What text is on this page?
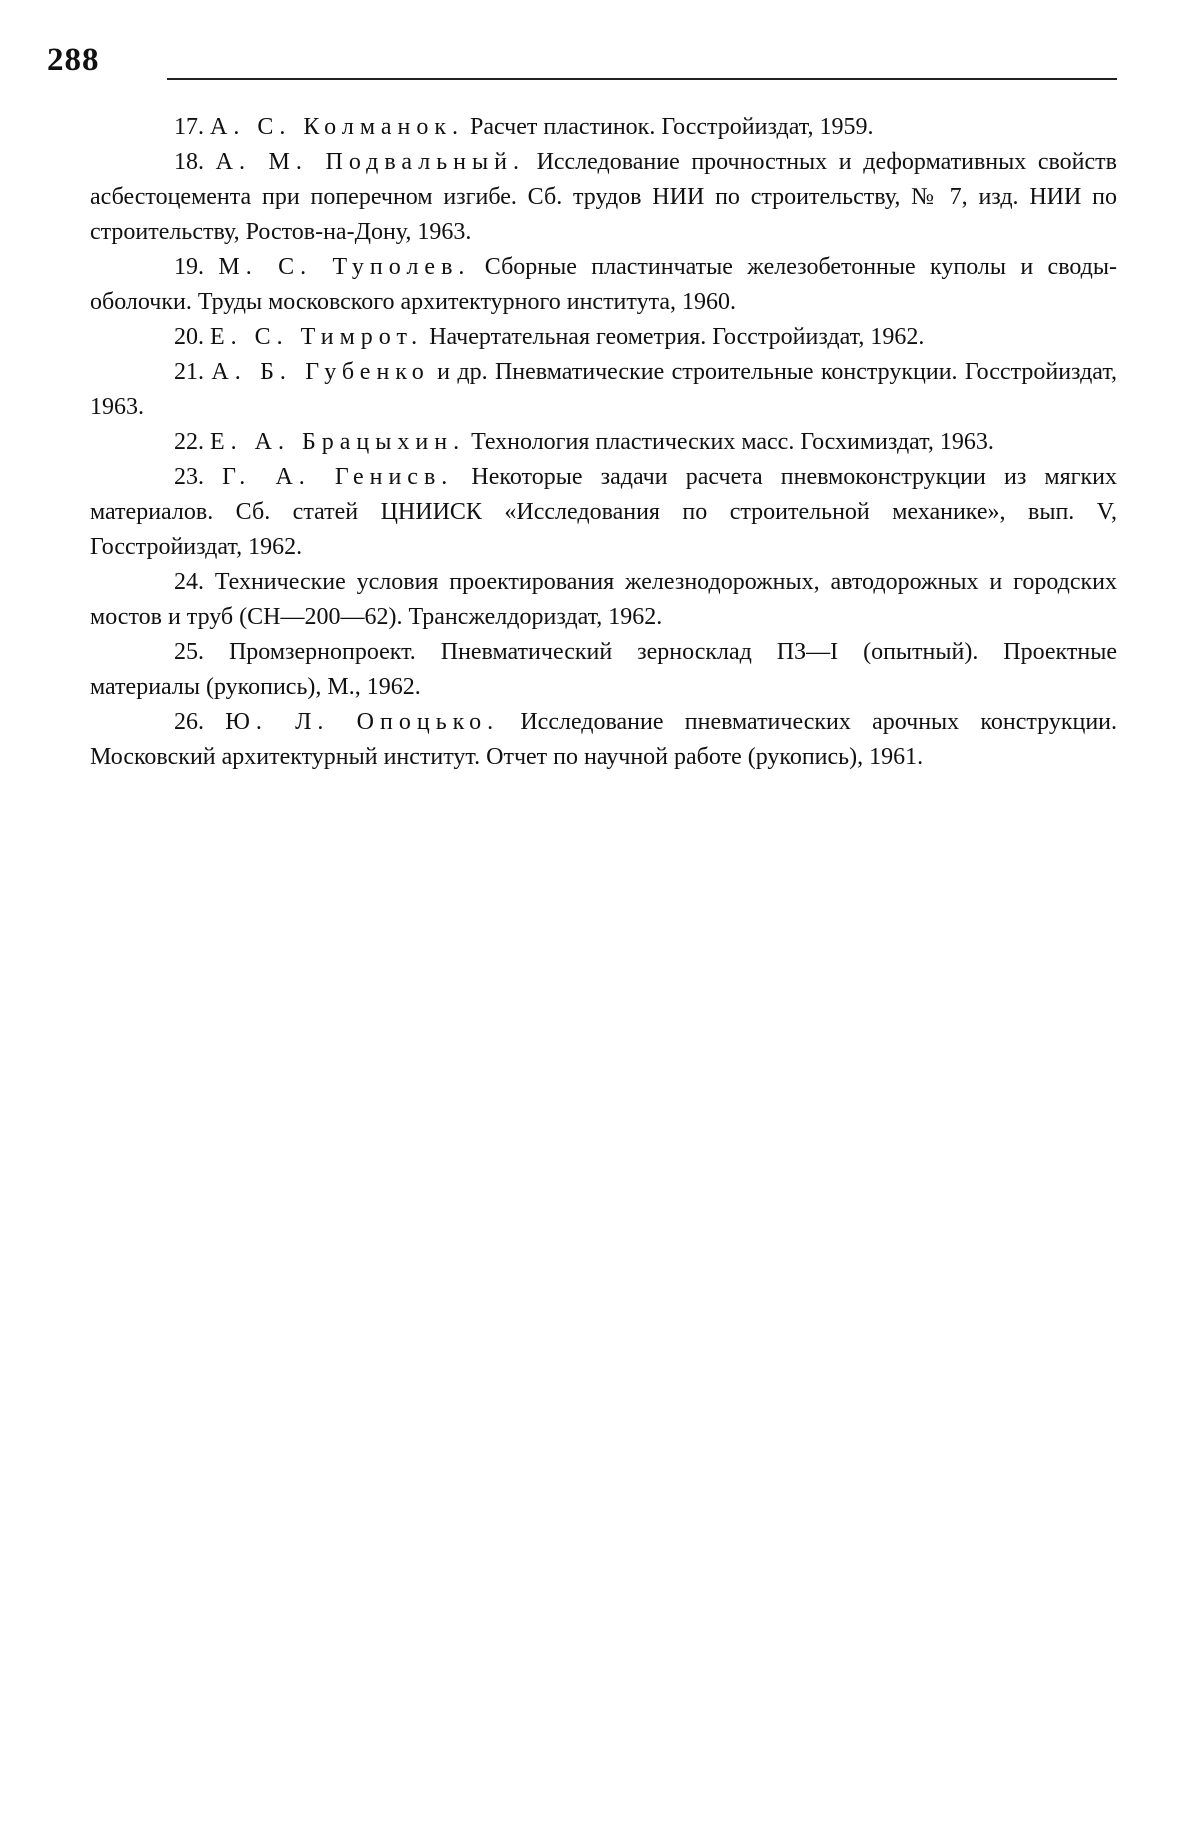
288
17. А. С. Колманок. Расчет пластинок. Госстройиздат, 1959.
18. А. М. Подвальный. Исследование прочностных и деформативных свойств асбестоцемента при поперечном изгибе. Сб. трудов НИИ по строительству, № 7, изд. НИИ по строительству, Ростов-на-Дону, 1963.
19. М. С. Туполев. Сборные пластинчатые железобетонные куполы и своды-оболочки. Труды московского архитектурного института, 1960.
20. Е. С. Тимрот. Начертательная геометрия. Госстройиздат, 1962.
21. А. Б. Губенко и др. Пневматические строительные конструкции. Госстройиздат, 1963.
22. Е. А. Брацыхин. Технология пластических масс. Госхимиздат, 1963.
23. Г. А. Генисв. Некоторые задачи расчета пневмоконструкции из мягких материалов. Сб. статей ЦНИИСК «Исследования по строительной механике», вып. V, Госстройиздат, 1962.
24. Технические условия проектирования железнодорожных, автодорожных и городских мостов и труб (СН—200—62). Трансжелдориздат, 1962.
25. Промзернопроект. Пневматический зерносклад ПЗ—I (опытный). Проектные материалы (рукопись), М., 1962.
26. Ю. Л. Опоцько. Исследование пневматических арочных конструкции. Московский архитектурный институт. Отчет по научной работе (рукопись), 1961.
